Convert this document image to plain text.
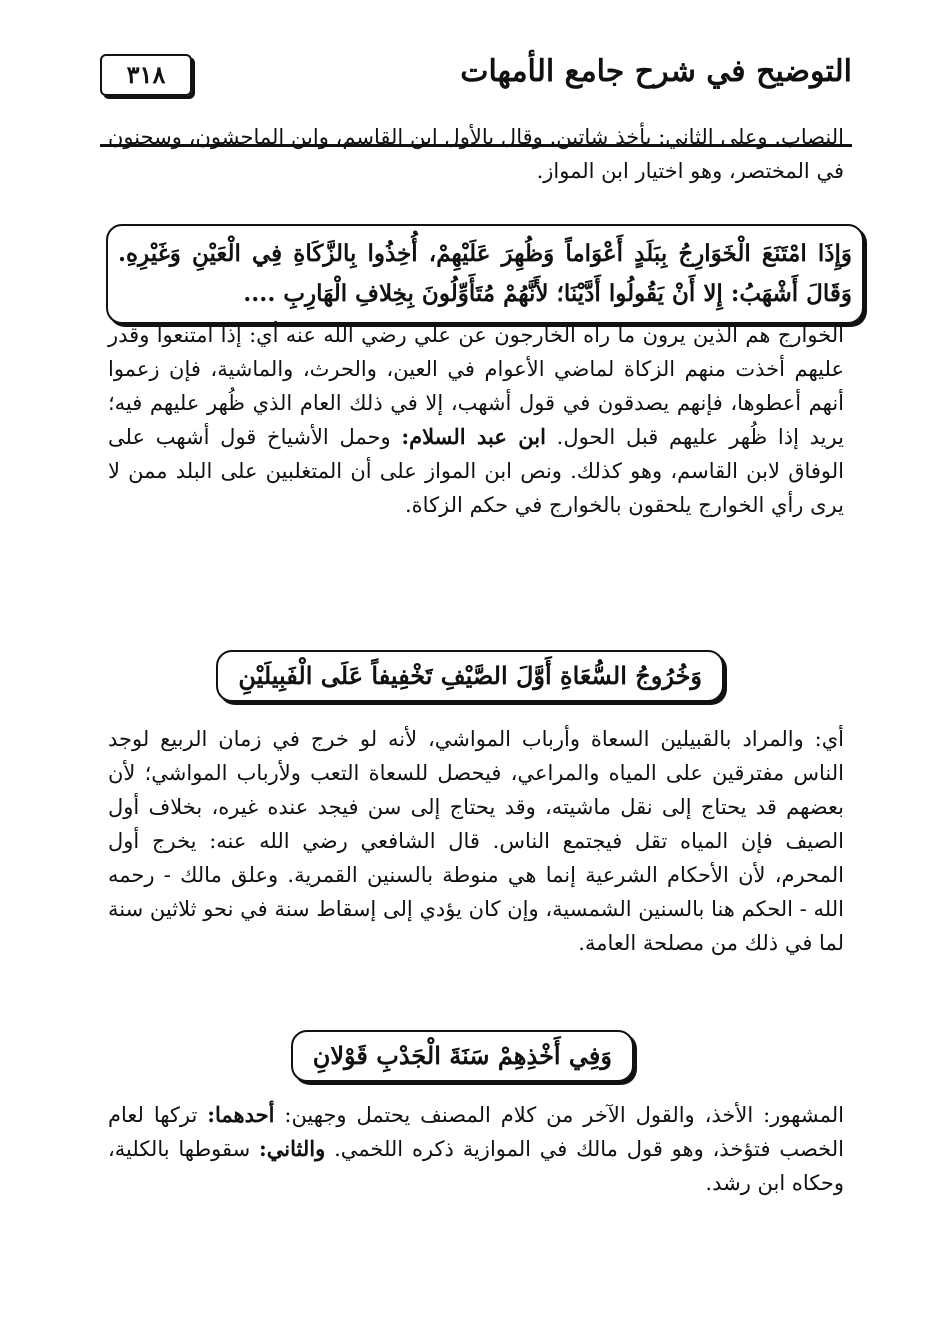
التوضيح في شرح جامع الأمهات
٣١٨

النصاب. وعلى الثاني: يأخذ شاتين. وقال بالأول ابن القاسم، وابن الماجشون، وسحنون في المختصر، وهو اختيار ابن المواز.

وَإِذَا امْتَنَعَ الْخَوَارِجُ بِبَلَدٍ أَعْوَاماً وَظُهِرَ عَلَيْهِمْ، أُخِذُوا بِالزَّكَاةِ فِي الْعَيْنِ وَغَيْرِهِ. وَقَالَ أَشْهَبُ: إِلا أَنْ يَقُولُوا أَدَّيْنَا؛ لأَنَّهُمْ مُتَأَوِّلُونَ بِخِلافِ الْهَارِبِ ....

الخوارج هم الذين يرون ما رآه الخارجون عن علي رضي الله عنه أي: إذا امتنعوا وقدر عليهم أخذت منهم الزكاة لماضي الأعوام في العين، والحرث، والماشية، فإن زعموا أنهم أعطوها، فإنهم يصدقون في قول أشهب، إلا في ذلك العام الذي ظُهر عليهم فيه؛ يريد إذا ظُهر عليهم قبل الحول. ابن عبد السلام: وحمل الأشياخ قول أشهب على الوفاق لابن القاسم، وهو كذلك. ونص ابن المواز على أن المتغلبين على البلد ممن لا يرى رأي الخوارج يلحقون بالخوارج في حكم الزكاة.

وَخُرُوجُ السُّعَاةِ أَوَّلَ الصَّيْفِ تَخْفِيفاً عَلَى الْفَبِيلَيْنِ

أي: والمراد بالقبيلين السعاة وأرباب المواشي، لأنه لو خرج في زمان الربيع لوجد الناس مفترقين على المياه والمراعي، فيحصل للسعاة التعب ولأرباب المواشي؛ لأن بعضهم قد يحتاج إلى نقل ماشيته، وقد يحتاج إلى سن فيجد عنده غيره، بخلاف أول الصيف فإن المياه تقل فيجتمع الناس. قال الشافعي رضي الله عنه: يخرج أول المحرم، لأن الأحكام الشرعية إنما هي منوطة بالسنين القمرية. وعلق مالك - رحمه الله - الحكم هنا بالسنين الشمسية، وإن كان يؤدي إلى إسقاط سنة في نحو ثلاثين سنة لما في ذلك من مصلحة العامة.

وَفِي أَخْذِهِمْ سَنَةَ الْجَدْبِ قَوْلانِ

المشهور: الأخذ، والقول الآخر من كلام المصنف يحتمل وجهين: أحدهما: تركها لعام الخصب فتؤخذ، وهو قول مالك في الموازية ذكره اللخمي. والثاني: سقوطها بالكلية، وحكاه ابن رشد.
